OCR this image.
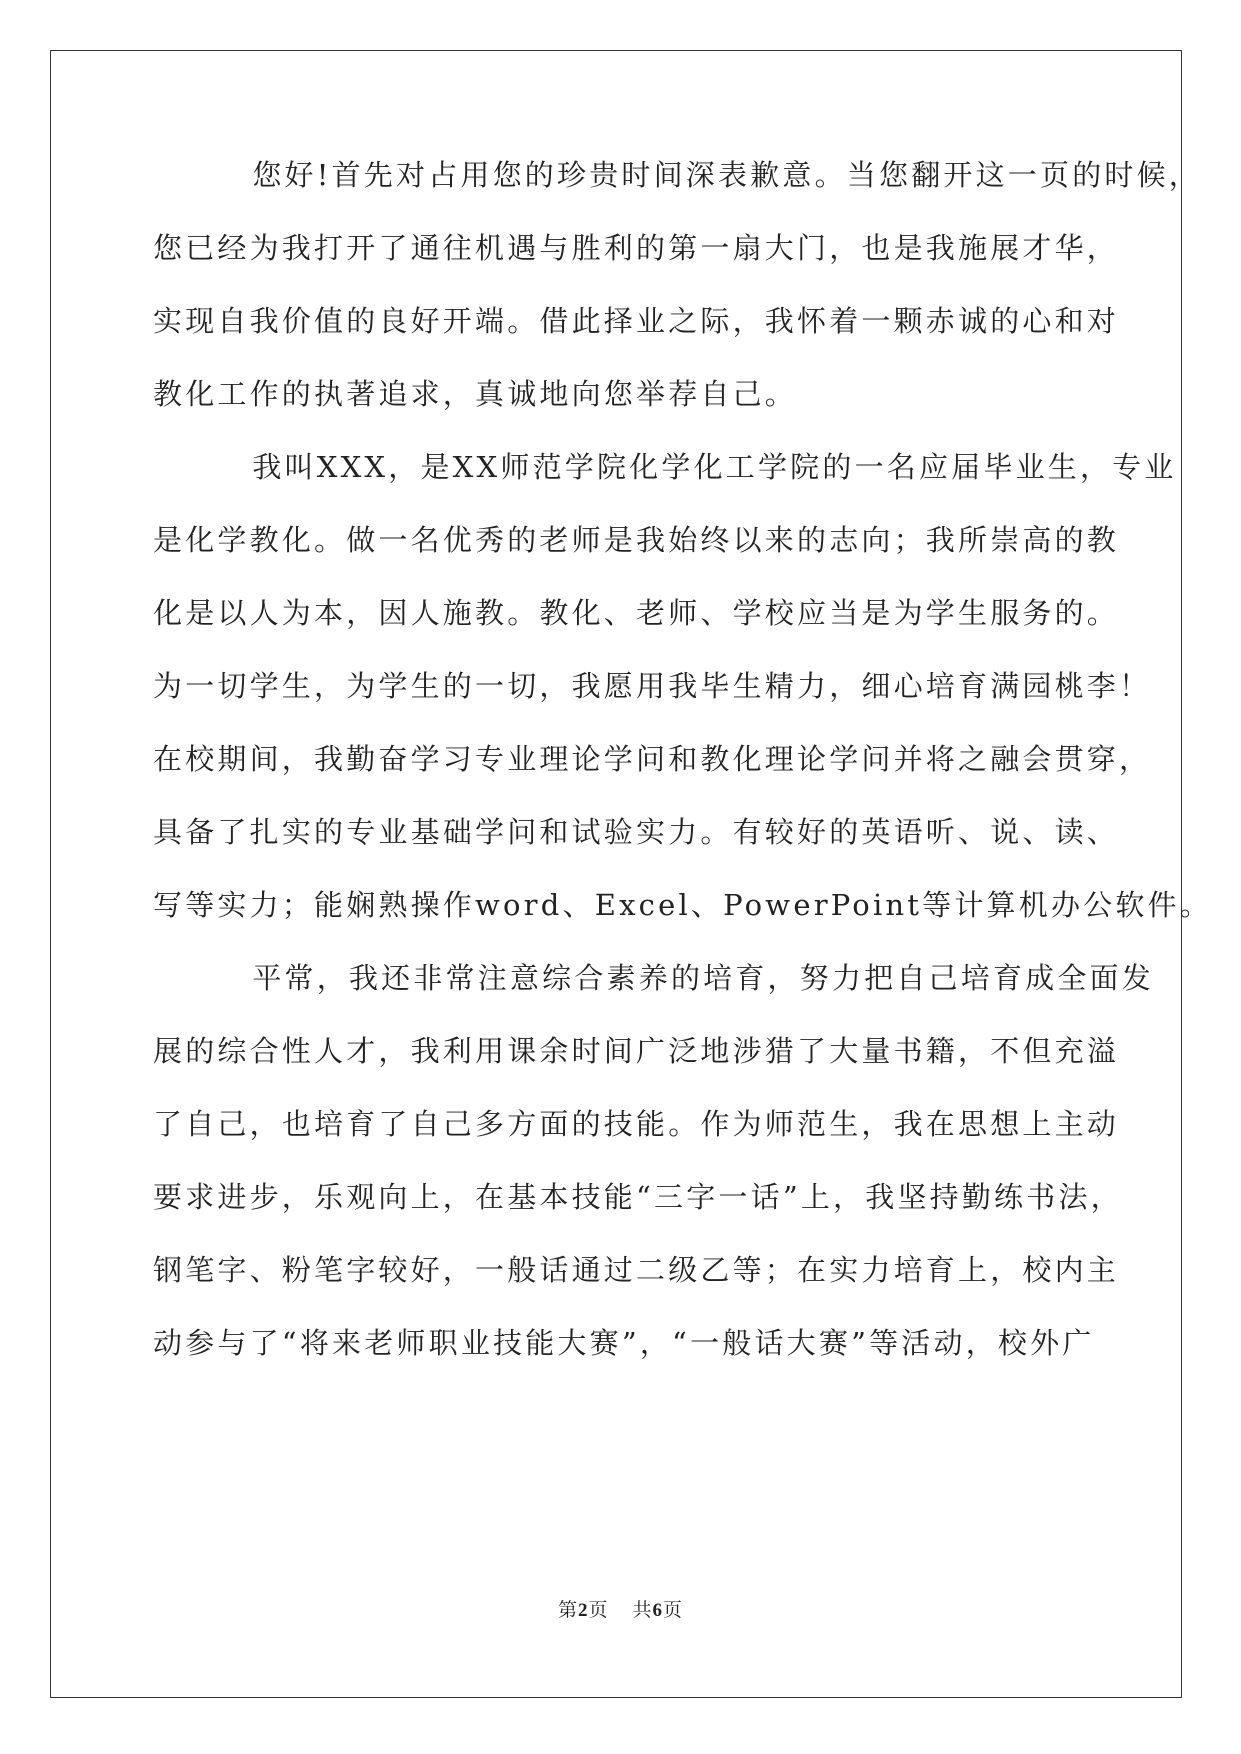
您好!首先对占用您的珍贵时间深表歉意。当您翻开这一页的时候，
您已经为我打开了通往机遇与胜利的第一扇大门，也是我施展才华，
实现自我价值的良好开端。借此择业之际，我怀着一颗赤诚的心和对
教化工作的执著追求，真诚地向您举荐自己。
我叫XXX，是XX师范学院化学化工学院的一名应届毕业生，专业
是化学教化。做一名优秀的老师是我始终以来的志向；我所崇高的教
化是以人为本，因人施教。教化、老师、学校应当是为学生服务的。
为一切学生，为学生的一切，我愿用我毕生精力，细心培育满园桃李！
在校期间，我勤奋学习专业理论学问和教化理论学问并将之融会贯穿，
具备了扎实的专业基础学问和试验实力。有较好的英语听、说、读、
写等实力；能娴熟操作word、Excel、PowerPoint等计算机办公软件。
平常，我还非常注意综合素养的培育，努力把自己培育成全面发
展的综合性人才，我利用课余时间广泛地涉猎了大量书籍，不但充溢
了自己，也培育了自己多方面的技能。作为师范生，我在思想上主动
要求进步，乐观向上，在基本技能“三字一话”上，我坚持勤练书法，
钢笔字、粉笔字较好，一般话通过二级乙等；在实力培育上，校内主
动参与了“将来老师职业技能大赛”，“一般话大赛”等活动，校外广
第2页 共6页
